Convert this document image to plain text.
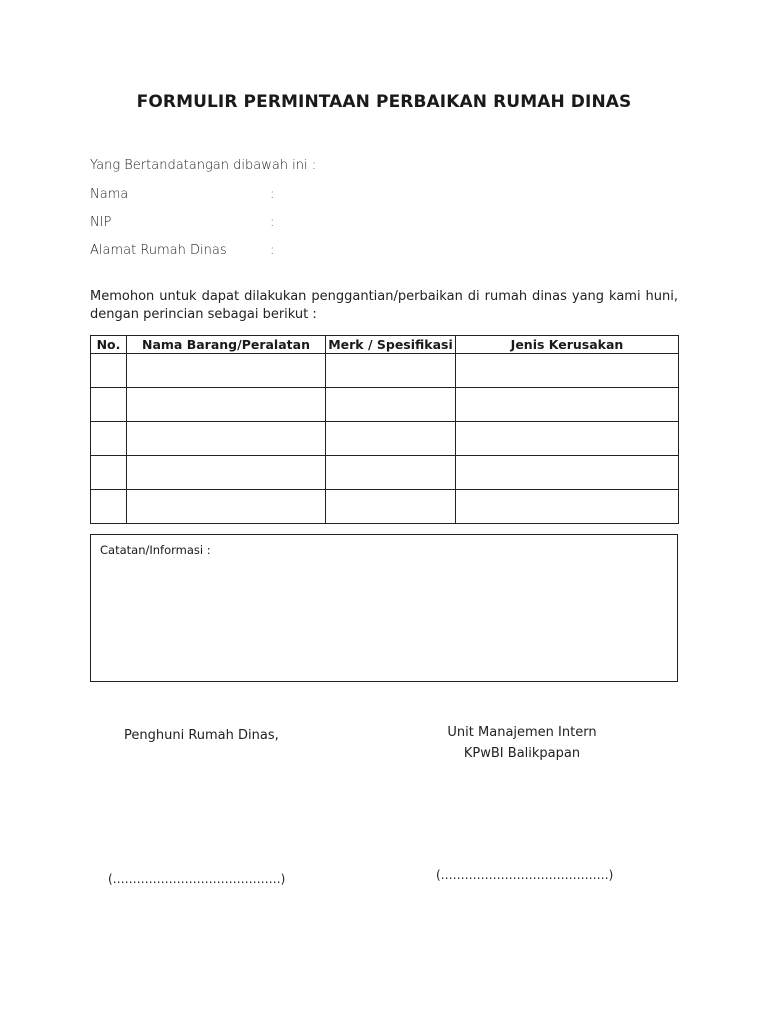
FORMULIR PERMINTAAN PERBAIKAN RUMAH DINAS
Yang Bertandatangan dibawah ini :
Nama	:
NIP	:
Alamat Rumah Dinas	:
Memohon untuk dapat dilakukan penggantian/perbaikan di rumah dinas yang kami huni, dengan perincian sebagai berikut :
No.	Nama Barang/Peralatan	Merk / Spesifikasi	Jenis Kerusakan

Catatan/Informasi :
Penghuni Rumah Dinas,	Unit Manajemen Intern
KPwBI Balikpapan
(……………………………………)	(……………………………………)
